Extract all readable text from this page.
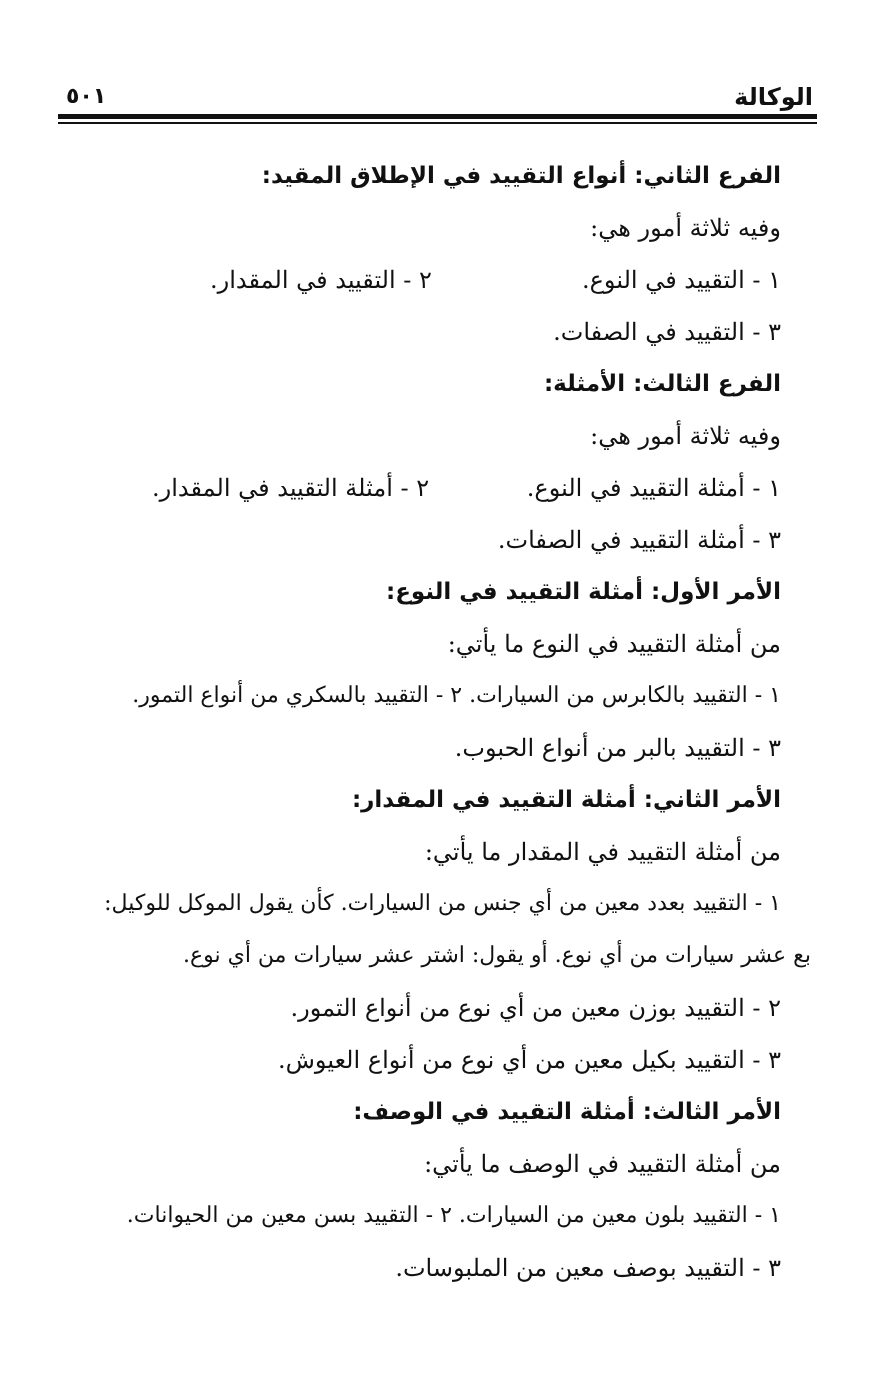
الوكالة
٥٠١
الفرع الثاني: أنواع التقييد في الإطلاق المقيد:
وفيه ثلاثة أمور هي:
١ - التقييد في النوع.
٢ - التقييد في المقدار.
٣ - التقييد في الصفات.
الفرع الثالث: الأمثلة:
وفيه ثلاثة أمور هي:
١ - أمثلة التقييد في النوع.
٢ - أمثلة التقييد في المقدار.
٣ - أمثلة التقييد في الصفات.
الأمر الأول: أمثلة التقييد في النوع:
من أمثلة التقييد في النوع ما يأتي:
١ - التقييد بالكابرس من السيارات. ٢ - التقييد بالسكري من أنواع التمور.
٣ - التقييد بالبر من أنواع الحبوب.
الأمر الثاني: أمثلة التقييد في المقدار:
من أمثلة التقييد في المقدار ما يأتي:
١ - التقييد بعدد معين من أي جنس من السيارات. كأن يقول الموكل للوكيل:
بع عشر سيارات من أي نوع. أو يقول: اشتر عشر سيارات من أي نوع.
٢ - التقييد بوزن معين من أي نوع من أنواع التمور.
٣ - التقييد بكيل معين من أي نوع من أنواع العيوش.
الأمر الثالث: أمثلة التقييد في الوصف:
من أمثلة التقييد في الوصف ما يأتي:
١ - التقييد بلون معين من السيارات. ٢ - التقييد بسن معين من الحيوانات.
٣ - التقييد بوصف معين من الملبوسات.
